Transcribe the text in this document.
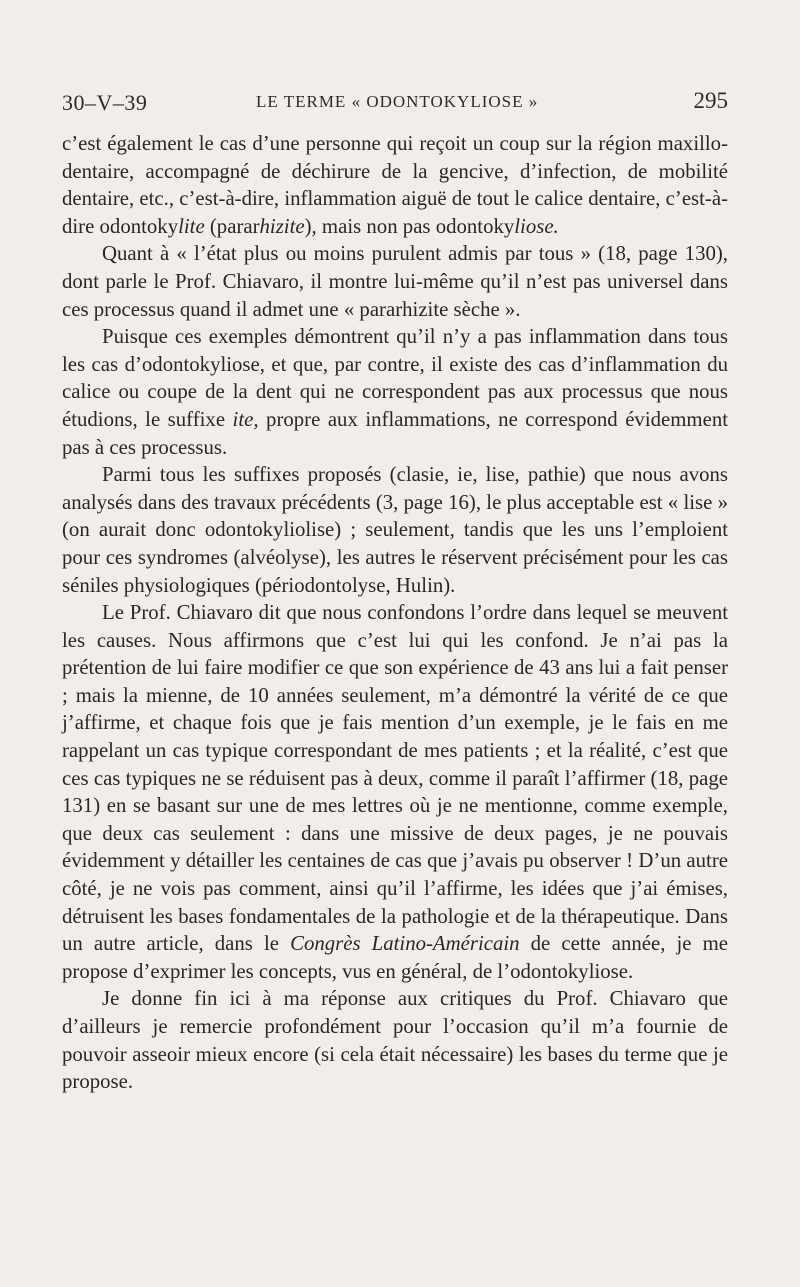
30–V–39	LE TERME « ODONTOKYLIOSE »	295

c’est également le cas d’une personne qui reçoit un coup sur la région maxillo-dentaire, accompagné de déchirure de la gencive, d’infection, de mobilité dentaire, etc., c’est-à-dire, inflammation aiguë de tout le calice dentaire, c’est-à-dire odontokylite (pararhizite), mais non pas odontokyliose.

Quant à « l’état plus ou moins purulent admis par tous » (18, page 130), dont parle le Prof. Chiavaro, il montre lui-même qu’il n’est pas universel dans ces processus quand il admet une « pararhizite sèche ».

Puisque ces exemples démontrent qu’il n’y a pas inflammation dans tous les cas d’odontokyliose, et que, par contre, il existe des cas d’inflammation du calice ou coupe de la dent qui ne correspondent pas aux processus que nous étudions, le suffixe ite, propre aux inflammations, ne correspond évidemment pas à ces processus.

Parmi tous les suffixes proposés (clasie, ie, lise, pathie) que nous avons analysés dans des travaux précédents (3, page 16), le plus acceptable est « lise » (on aurait donc odontokyliolise) ; seulement, tandis que les uns l’emploient pour ces syndromes (alvéolyse), les autres le réservent précisément pour les cas séniles physiologiques (périodontolyse, Hulin).

Le Prof. Chiavaro dit que nous confondons l’ordre dans lequel se meuvent les causes. Nous affirmons que c’est lui qui les confond. Je n’ai pas la prétention de lui faire modifier ce que son expérience de 43 ans lui a fait penser ; mais la mienne, de 10 années seulement, m’a démontré la vérité de ce que j’affirme, et chaque fois que je fais mention d’un exemple, je le fais en me rappelant un cas typique correspondant de mes patients ; et la réalité, c’est que ces cas typiques ne se réduisent pas à deux, comme il paraît l’affirmer (18, page 131) en se basant sur une de mes lettres où je ne mentionne, comme exemple, que deux cas seulement : dans une missive de deux pages, je ne pouvais évidemment y détailler les centaines de cas que j’avais pu observer ! D’un autre côté, je ne vois pas comment, ainsi qu’il l’affirme, les idées que j’ai émises, détruisent les bases fondamentales de la pathologie et de la thérapeutique. Dans un autre article, dans le Congrès Latino-Américain de cette année, je me propose d’exprimer les concepts, vus en général, de l’odontokyliose.

Je donne fin ici à ma réponse aux critiques du Prof. Chiavaro que d’ailleurs je remercie profondément pour l’occasion qu’il m’a fournie de pouvoir asseoir mieux encore (si cela était nécessaire) les bases du terme que je propose.
